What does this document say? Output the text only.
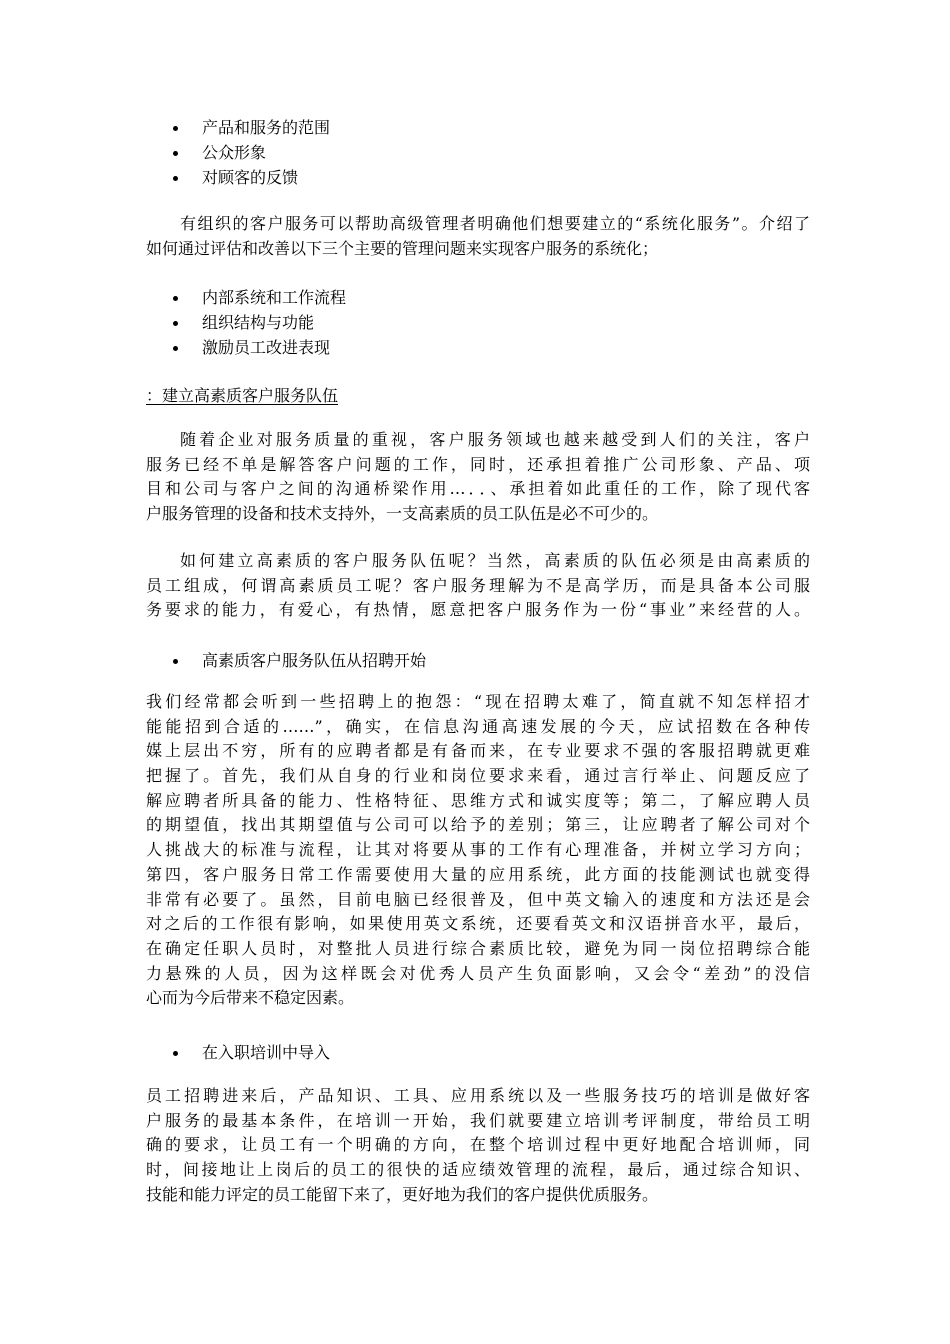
产品和服务的范围
公众形象
对顾客的反馈
有组织的客户服务可以帮助高级管理者明确他们想要建立的“系统化服务”。介绍了
如何通过评估和改善以下三个主要的管理问题来实现客户服务的系统化；
内部系统和工作流程
组织结构与功能
激励员工改进表现
：建立高素质客户服务队伍
随着企业对服务质量的重视，客户服务领域也越来越受到人们的关注，客户
服务已经不单是解答客户问题的工作，同时，还承担着推广公司形象、产品、项
目和公司与客户之间的沟通桥梁作用…．．、承担着如此重任的工作，除了现代客
户服务管理的设备和技术支持外，一支高素质的员工队伍是必不可少的。
如何建立高素质的客户服务队伍呢？当然，高素质的队伍必须是由高素质的
员工组成，何谓高素质员工呢？客户服务理解为不是高学历，而是具备本公司服
务要求的能力，有爱心，有热情，愿意把客户服务作为一份“事业”来经营的人。
高素质客户服务队伍从招聘开始
我们经常都会听到一些招聘上的抱怨：“现在招聘太难了，简直就不知怎样招才
能能招到合适的……”，确实，在信息沟通高速发展的今天，应试招数在各种传
媒上层出不穷，所有的应聘者都是有备而来，在专业要求不强的客服招聘就更难
把握了。首先，我们从自身的行业和岗位要求来看，通过言行举止、问题反应了
解应聘者所具备的能力、性格特征、思维方式和诚实度等；第二，了解应聘人员
的期望值，找出其期望值与公司可以给予的差别；第三，让应聘者了解公司对个
人挑战大的标准与流程，让其对将要从事的工作有心理准备，并树立学习方向；
第四，客户服务日常工作需要使用大量的应用系统，此方面的技能测试也就变得
非常有必要了。虽然，目前电脑已经很普及，但中英文输入的速度和方法还是会
对之后的工作很有影响，如果使用英文系统，还要看英文和汉语拼音水平，最后，
在确定任职人员时，对整批人员进行综合素质比较，避免为同一岗位招聘综合能
力悬殊的人员，因为这样既会对优秀人员产生负面影响，又会令“差劲”的没信
心而为今后带来不稳定因素。
在入职培训中导入
员工招聘进来后，产品知识、工具、应用系统以及一些服务技巧的培训是做好客
户服务的最基本条件，在培训一开始，我们就要建立培训考评制度，带给员工明
确的要求，让员工有一个明确的方向，在整个培训过程中更好地配合培训师，同
时，间接地让上岗后的员工的很快的适应绩效管理的流程，最后，通过综合知识、
技能和能力评定的员工能留下来了，更好地为我们的客户提供优质服务。
